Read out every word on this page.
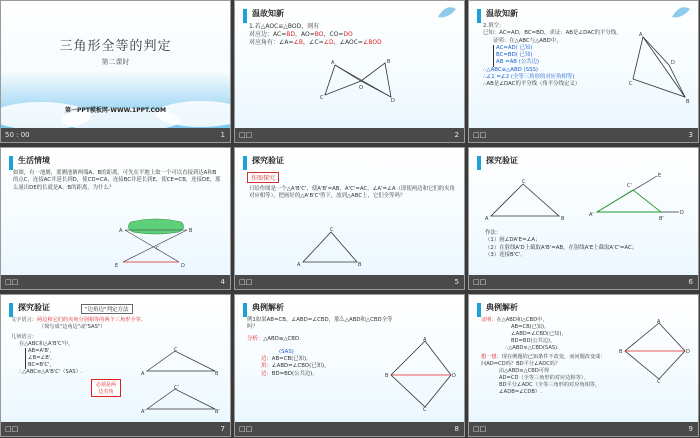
三角形全等的判定
第二课时
第一PPT模板网-WWW.1PPT.COM
50 : 00	1
温故知新
1.若△AOC≌△BOD，则有
对应边：AC=BD，AO=BO，CO=DO
对应角有：∠A=∠B，∠C=∠D，∠AOC=∠BOD
A	B
C	D
O
□□	2
温故知新
2.填空：
已知：AC=AD，BC=BD，求证：AB是∠DAC的平分线。
证明：在△ABC与△ABD中，
AC=AD( 已知)
BC=BD( 已知)
AB =AB (公共边)
∴△ABC≌△ABD (SSS)
∴∠1 =∠2 (全等三角形的对应角相等)
∴AB是∠DAC的平分线（角平分线定义）
A
B
C
D
□□	3
生活情境
如图，有一池塘，要测池塘两端A、B的距离，可先在平地上取一个可以直接到达A和B的点C，连接AC并延长到D，使CD=CA，连接BC并延长到E，使CE=CB，连接DE，那么量出DE的长就是A、B的距离，为什么？
A	B
C
D
E
□□	4
探究验证
作图探究
只给作图是一个△A'B'C'，使A'B'=AB，A'C'=AC，∠A'=∠A（即使两边和它们的夹角对应相等），把画好的△A'B'C'剪下，放到△ABC上，它们全等吗？
A	B
C
□□	5
探究验证
A	B
C
A'
B'
C'
D
E
作法：
（1）画∠DA'E=∠A；
（2）在射线A'D上截取A'B'=AB，在射线A'E上截取A'C'=AC；
（3）连接B'C'。
□□	6
探究验证	"边角边"判定方法
文字语言：两边和它们的夹角分别相等的两个三角形全等。
（简写成"边角边"或"SAS"）
几何语言：
在△ABC和△A'B'C'中，
AB=A'B'，
∠B=∠B'，
BC=B'C'，
∴△ABC≌△A'B'C'（SAS）.
必须是两边夹角
A	B
C
A'	B'
C'
□□	7
典例解析
例1如果AB=CB，∠ABD=∠CBD，那么△ABD和△CBD全等吗？
分析：△ABD≌△CBD.
(SAS)
边：AB=CB(已知)，
角：∠ABD=∠CBD(已知)，
边：BD=BD(公共边)。
A
B
C
D
□□	8
典例解析
证明：在△ABD和△CBD中，
AB=CB(已知)，
∠ABD=∠CBD(已知)，
BD=BD(公共边)，
∴△ABD≌△CBD(SAS).
想一想：现在例题的已知条件不改变，而问题改变成：
问AD=CD吗？BD平分∠ADC吗？
由△ABD≌△CBD可得
AD=CD（全等三角形的对应边相等），
BD平分∠ADC（全等三角形的对应角相等，∠ADB=∠CDB）.
A
B
C
D
□□	9
